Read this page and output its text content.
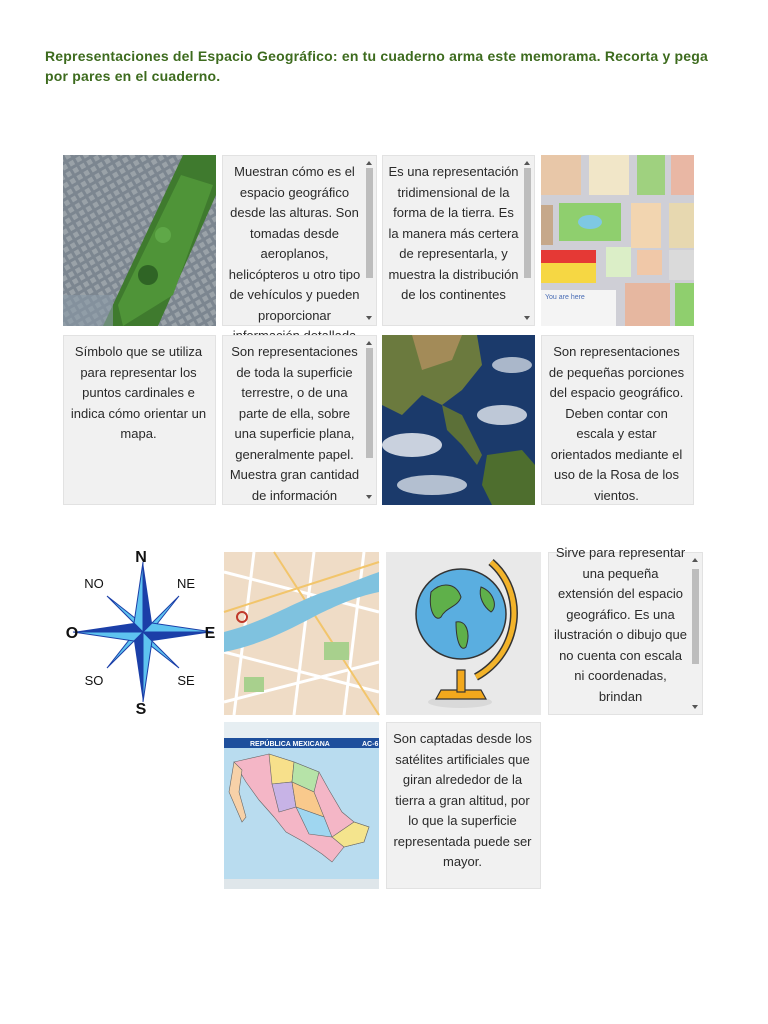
Representaciones del Espacio Geográfico: en tu cuaderno arma este memorama. Recorta y pega por pares en el cuaderno.
Muestran cómo es el espacio geográfico desde las alturas. Son tomadas desde aeroplanos, helicópteros u otro tipo de vehículos y pueden proporcionar
Es una representación tridimensional de la forma de la tierra. Es la manera más certera de representarla, y muestra la distribución de los continentes	You are here
Símbolo que se utiliza para representar los puntos cardinales e indica cómo orientar un mapa.
Son representaciones de toda la superficie terrestre, o de una parte de ella, sobre una superficie plana, generalmente papel. Muestra gran cantidad de información
Son representaciones de pequeñas porciones del espacio geográfico. Deben contar con escala y estar orientados mediante el uso de la Rosa de los vientos.
N
S
E
O
NE
NO
SE
SO
Sirve para representar una pequeña extensión del espacio geográfico. Es una ilustración o dibujo que no cuenta con escala ni coordenadas, brindan
REPÚBLICA MEXICANA	AC-6 Son captadas desde los satélites artificiales que giran alrededor de la tierra a gran altitud, por lo que la superficie representada puede ser mayor.
